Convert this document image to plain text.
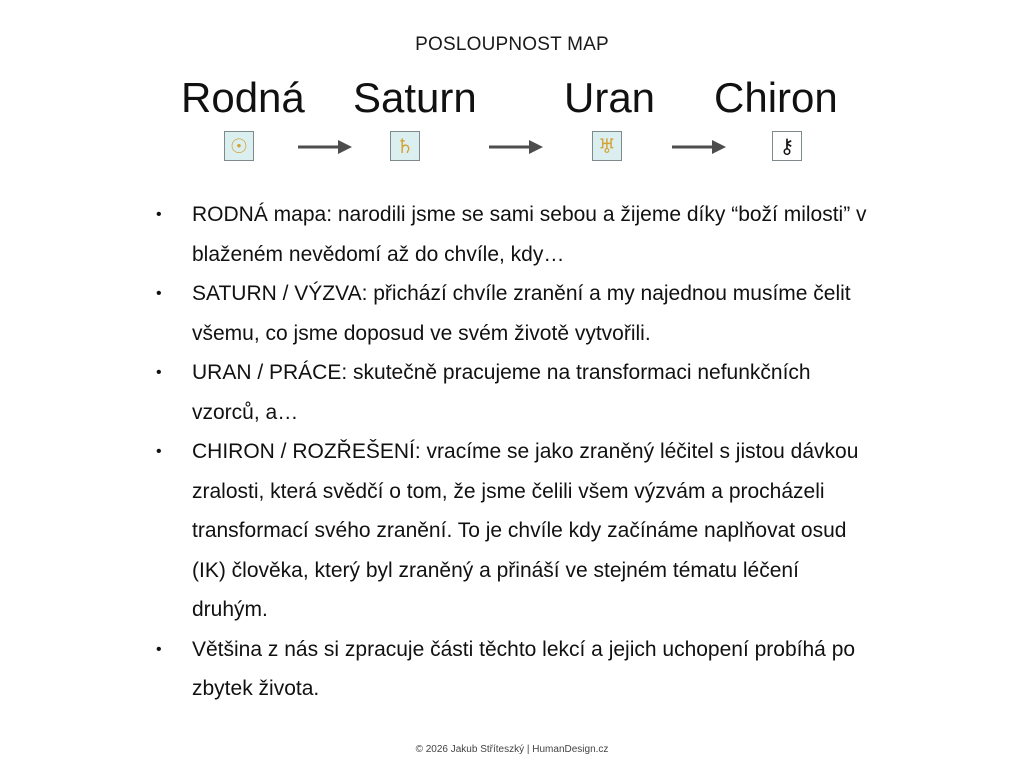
POSLOUPNOST MAP
Rodná Saturn Uran Chiron
☉	♄	♅	⚷
• RODNÁ mapa: narodili jsme se sami sebou a žijeme díky “boží milosti” v blaženém nevědomí až do chvíle, kdy…
• SATURN / VÝZVA: přichází chvíle zranění a my najednou musíme čelit všemu, co jsme doposud ve svém životě vytvořili.
• URAN / PRÁCE: skutečně pracujeme na transformaci nefunkčních vzorců, a…
• CHIRON / ROZŘEŠENÍ: vracíme se jako zraněný léčitel s jistou dávkou zralosti, která svědčí o tom, že jsme čelili všem výzvám a procházeli transformací svého zranění. To je chvíle kdy začínáme naplňovat osud (IK) člověka, který byl zraněný a přináší ve stejném tématu léčení druhým.
• Většina z nás si zpracuje části těchto lekcí a jejich uchopení probíhá po zbytek života.
© 2026 Jakub Stříteszký | HumanDesign.cz
